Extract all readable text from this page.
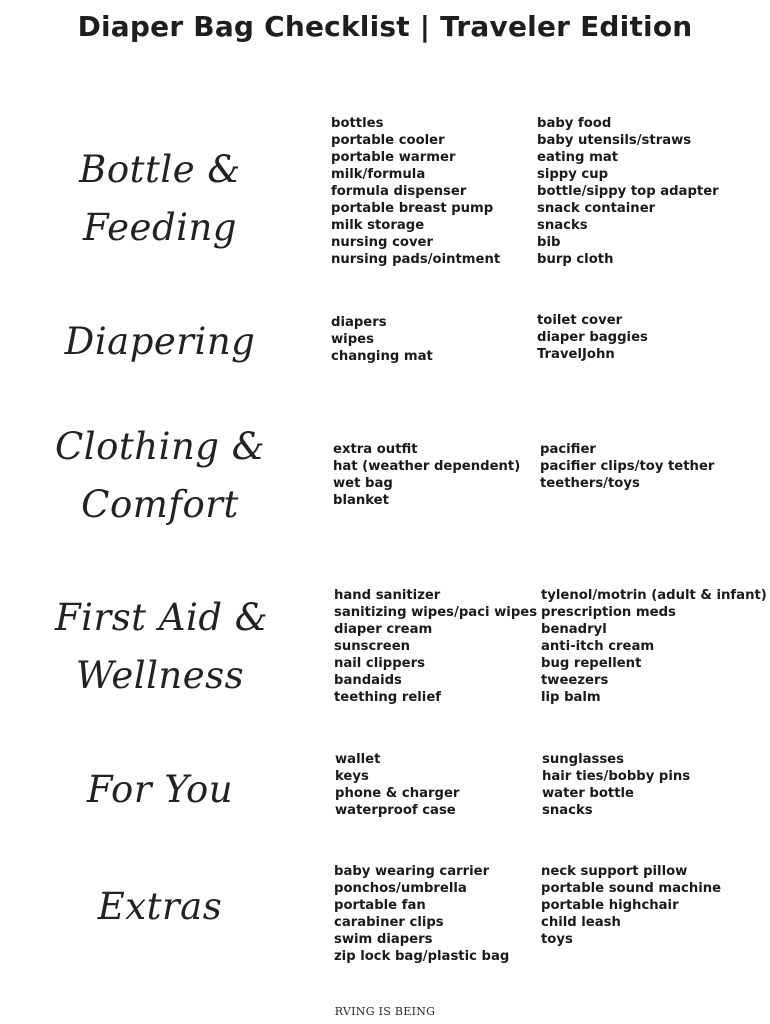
Diaper Bag Checklist | Traveler Edition
Bottle &
Feeding
bottles
portable cooler
portable warmer
milk/formula
formula dispenser
portable breast pump
milk storage
nursing cover
nursing pads/ointment
baby food
baby utensils/straws
eating mat
sippy cup
bottle/sippy top adapter
snack container
snacks
bib
burp cloth
Diapering	diapers
wipes
changing mat
toilet cover
diaper baggies
TravelJohn
Clothing &
Comfort
extra outfit
hat (weather dependent)
wet bag
blanket
pacifier
pacifier clips/toy tether
teethers/toys
First Aid &
Wellness
hand sanitizer
sanitizing wipes/paci wipes
diaper cream
sunscreen
nail clippers
bandaids
teething relief
tylenol/motrin (adult & infant)
prescription meds
benadryl
anti-itch cream
bug repellent
tweezers
lip balm
For You
wallet
keys
phone & charger
waterproof case
sunglasses
hair ties/bobby pins
water bottle
snacks
Extras
baby wearing carrier
ponchos/umbrella
portable fan
carabiner clips
swim diapers
zip lock bag/plastic bag
neck support pillow
portable sound machine
portable highchair
child leash
toys
RVING IS BEING
